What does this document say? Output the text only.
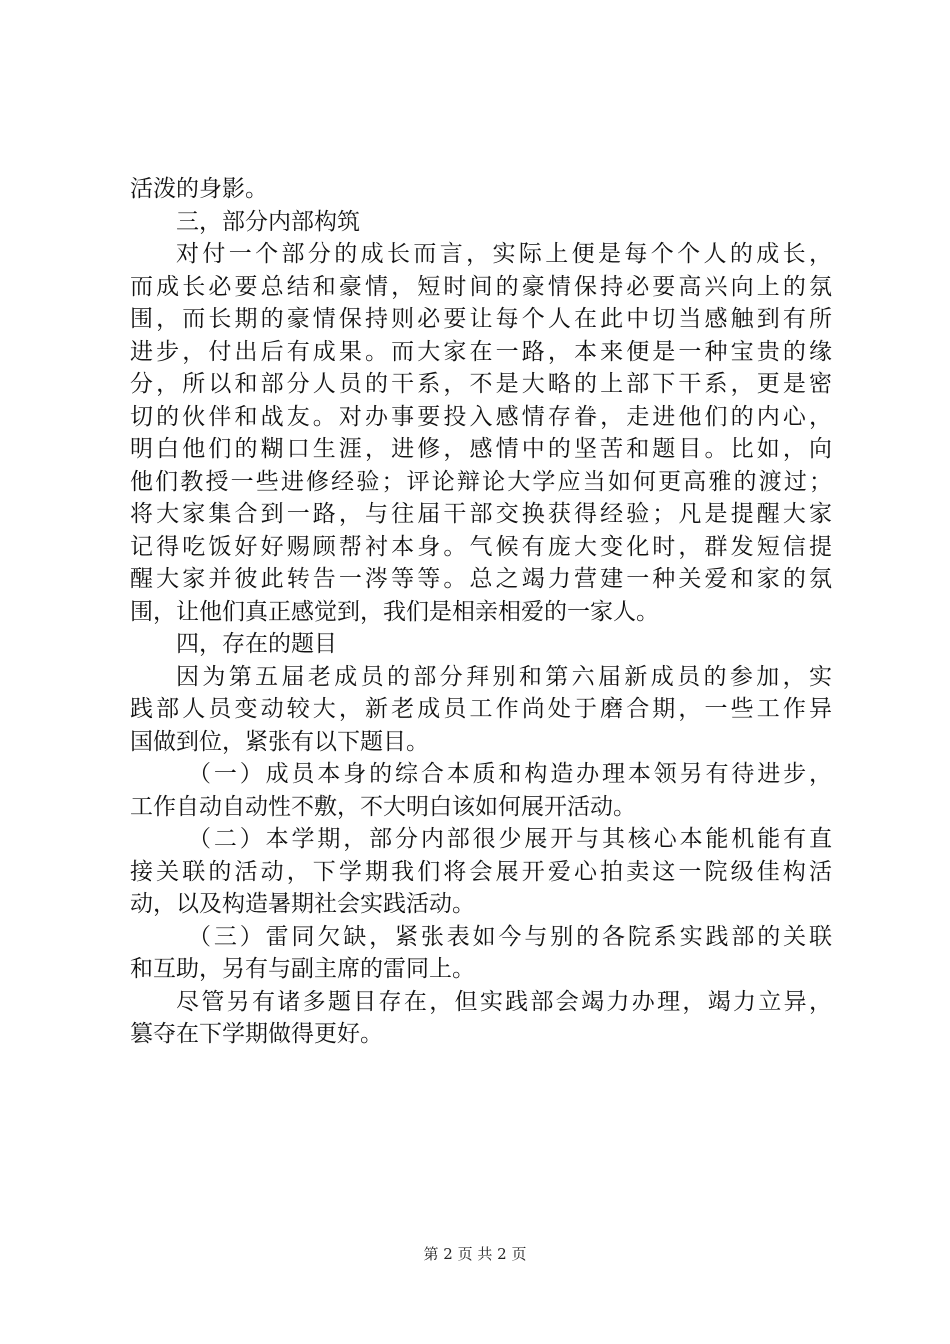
活泼的身影。
三，部分内部构筑
对付一个部分的成长而言，实际上便是每个个人的成长，
而成长必要总结和豪情，短时间的豪情保持必要高兴向上的氛
围，而长期的豪情保持则必要让每个人在此中切当感触到有所
进步，付出后有成果。而大家在一路，本来便是一种宝贵的缘
分，所以和部分人员的干系，不是大略的上部下干系，更是密
切的伙伴和战友。对办事要投入感情存眷，走进他们的内心，
明白他们的糊口生涯，进修，感情中的坚苦和题目。比如，向
他们教授一些进修经验；评论辩论大学应当如何更高雅的渡过；
将大家集合到一路，与往届干部交换获得经验；凡是提醒大家
记得吃饭好好赐顾帮衬本身。气候有庞大变化时，群发短信提
醒大家并彼此转告一涔等等。总之竭力营建一种关爱和家的氛
围，让他们真正感觉到，我们是相亲相爱的一家人。
四，存在的题目
因为第五届老成员的部分拜别和第六届新成员的参加，实
践部人员变动较大，新老成员工作尚处于磨合期，一些工作异
国做到位，紧张有以下题目。
（一）成员本身的综合本质和构造办理本领另有待进步，
工作自动自动性不敷，不大明白该如何展开活动。
（二）本学期，部分内部很少展开与其核心本能机能有直
接关联的活动，下学期我们将会展开爱心拍卖这一院级佳构活
动，以及构造暑期社会实践活动。
（三）雷同欠缺，紧张表如今与别的各院系实践部的关联
和互助，另有与副主席的雷同上。
尽管另有诸多题目存在，但实践部会竭力办理，竭力立异，
篡夺在下学期做得更好。
第 2 页 共 2 页
